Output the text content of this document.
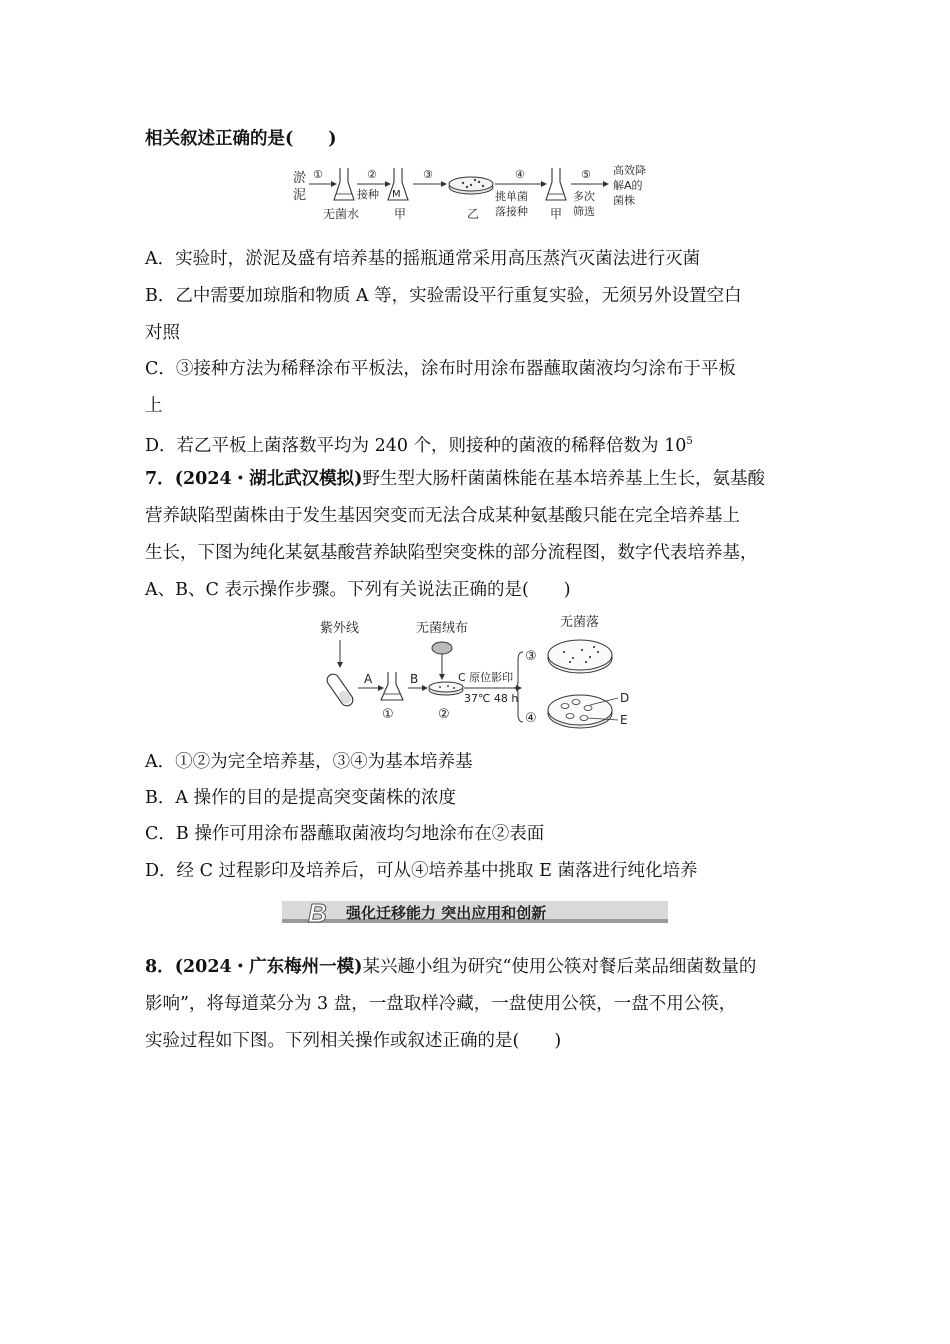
相关叙述正确的是(　　)
淤
泥
①
无菌水
②
接种 M
甲
③
乙
④
挑单菌
落接种 甲
⑤
多次
筛选
高效降
解A的
菌株
A．实验时，淤泥及盛有培养基的摇瓶通常采用高压蒸汽灭菌法进行灭菌
B．乙中需要加琼脂和物质 A 等，实验需设平行重复实验，无须另外设置空白
对照
C．③接种方法为稀释涂布平板法，涂布时用涂布器蘸取菌液均匀涂布于平板
上
D．若乙平板上菌落数平均为 240 个，则接种的菌液的稀释倍数为 $10^5$
7．(2024・湖北武汉模拟)野生型大肠杆菌菌株能在基本培养基上生长，氨基酸
营养缺陷型菌株由于发生基因突变而无法合成某种氨基酸只能在完全培养基上
生长，下图为纯化某氨基酸营养缺陷型突变株的部分流程图，数字代表培养基，
A、B、C 表示操作步骤。下列有关说法正确的是(　　)
紫外线
A
①
B
②
无菌绒布
C 原位影印
37℃ 48 h
③
无菌落
④
D
E
A．①②为完全培养基，③④为基本培养基
B．A 操作的目的是提高突变菌株的浓度
C．B 操作可用涂布器蘸取菌液均匀地涂布在②表面
D．经 C 过程影印及培养后，可从④培养基中挑取 E 菌落进行纯化培养
B 强化迁移能力 突出应用和创新
8．(2024・广东梅州一模)某兴趣小组为研究“使用公筷对餐后菜品细菌数量的
影响”，将每道菜分为 3 盘，一盘取样冷藏，一盘使用公筷，一盘不用公筷，
实验过程如下图。下列相关操作或叙述正确的是(　　)
